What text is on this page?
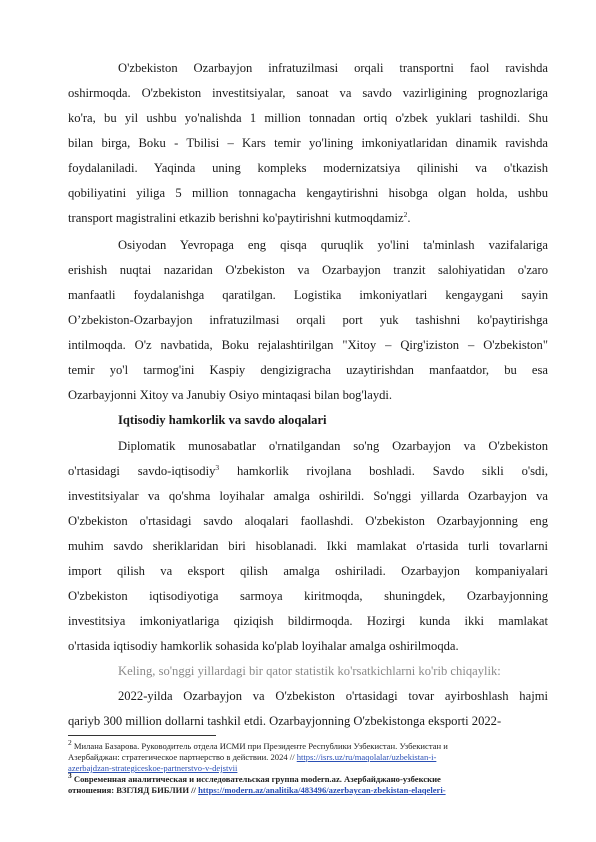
O'zbekiston Ozarbayjon infratuzilmasi orqali transportni faol ravishda
oshirmoqda. O'zbekiston investitsiyalar, sanoat va savdo vazirligining prognozlariga
ko'ra, bu yil ushbu yo'nalishda 1 million tonnadan ortiq o'zbek yuklari tashildi. Shu
bilan birga, Boku - Tbilisi – Kars temir yo'lining imkoniyatlaridan dinamik ravishda
foydalaniladi. Yaqinda uning kompleks modernizatsiya qilinishi va o'tkazish
qobiliyatini yiliga 5 million tonnagacha kengaytirishni hisobga olgan holda, ushbu
transport magistralini etkazib berishni ko'paytirishni kutmoqdamiz$^2$.
Osiyodan Yevropaga eng qisqa quruqlik yo'lini ta'minlash vazifalariga
erishish nuqtai nazaridan O'zbekiston va Ozarbayjon tranzit salohiyatidan o'zaro
manfaatli foydalanishga qaratilgan. Logistika imkoniyatlari kengaygani sayin
O’zbekiston-Ozarbayjon infratuzilmasi orqali port yuk tashishni ko'paytirishga
intilmoqda. O'z navbatida, Boku rejalashtirilgan "Xitoy – Qirg'iziston – O'zbekiston"
temir yo'l tarmog'ini Kaspiy dengizigracha uzaytirishdan manfaatdor, bu esa
Ozarbayjonni Xitoy va Janubiy Osiyo mintaqasi bilan bog'laydi.
Iqtisodiy hamkorlik va savdo aloqalari
Diplomatik munosabatlar o'rnatilgandan so'ng Ozarbayjon va O'zbekiston
o'rtasidagi savdo-iqtisodiy$^3$ hamkorlik rivojlana boshladi. Savdo sikli o'sdi,
investitsiyalar va qo'shma loyihalar amalga oshirildi. So'nggi yillarda Ozarbayjon va
O'zbekiston o'rtasidagi savdo aloqalari faollashdi. O'zbekiston Ozarbayjonning eng
muhim savdo sheriklaridan biri hisoblanadi. Ikki mamlakat o'rtasida turli tovarlarni
import qilish va eksport qilish amalga oshiriladi. Ozarbayjon kompaniyalari
O'zbekiston iqtisodiyotiga sarmoya kiritmoqda, shuningdek, Ozarbayjonning
investitsiya imkoniyatlariga qiziqish bildirmoqda. Hozirgi kunda ikki mamlakat
o'rtasida iqtisodiy hamkorlik sohasida ko'plab loyihalar amalga oshirilmoqda.
Keling, so'nggi yillardagi bir qator statistik ko'rsatkichlarni ko'rib chiqaylik:
2022-yilda Ozarbayjon va O'zbekiston o'rtasidagi tovar ayirboshlash hajmi
qariyb 300 million dollarni tashkil etdi. Ozarbayjonning O'zbekistonga eksporti 2022-
$^2$ Милана Базарова. Руководитель отдела ИСМИ при Президенте Республики Узбекистан. Узбекистан и
Азербайджан: стратегическое партнерство в действии. 2024 // https://isrs.uz/ru/maqolalar/uzbekistan-i-
azerbajdzan-strategiceskoe-partnerstvo-v-dejstvii
$^3$ Современная аналитическая и исследовательская группа modern.az. Азербайджано-узбекские
отношения: ВЗГЛЯД БИБЛИИ // https://modern.az/analitika/483496/azerbaycan-zbekistan-elaqeleri-
